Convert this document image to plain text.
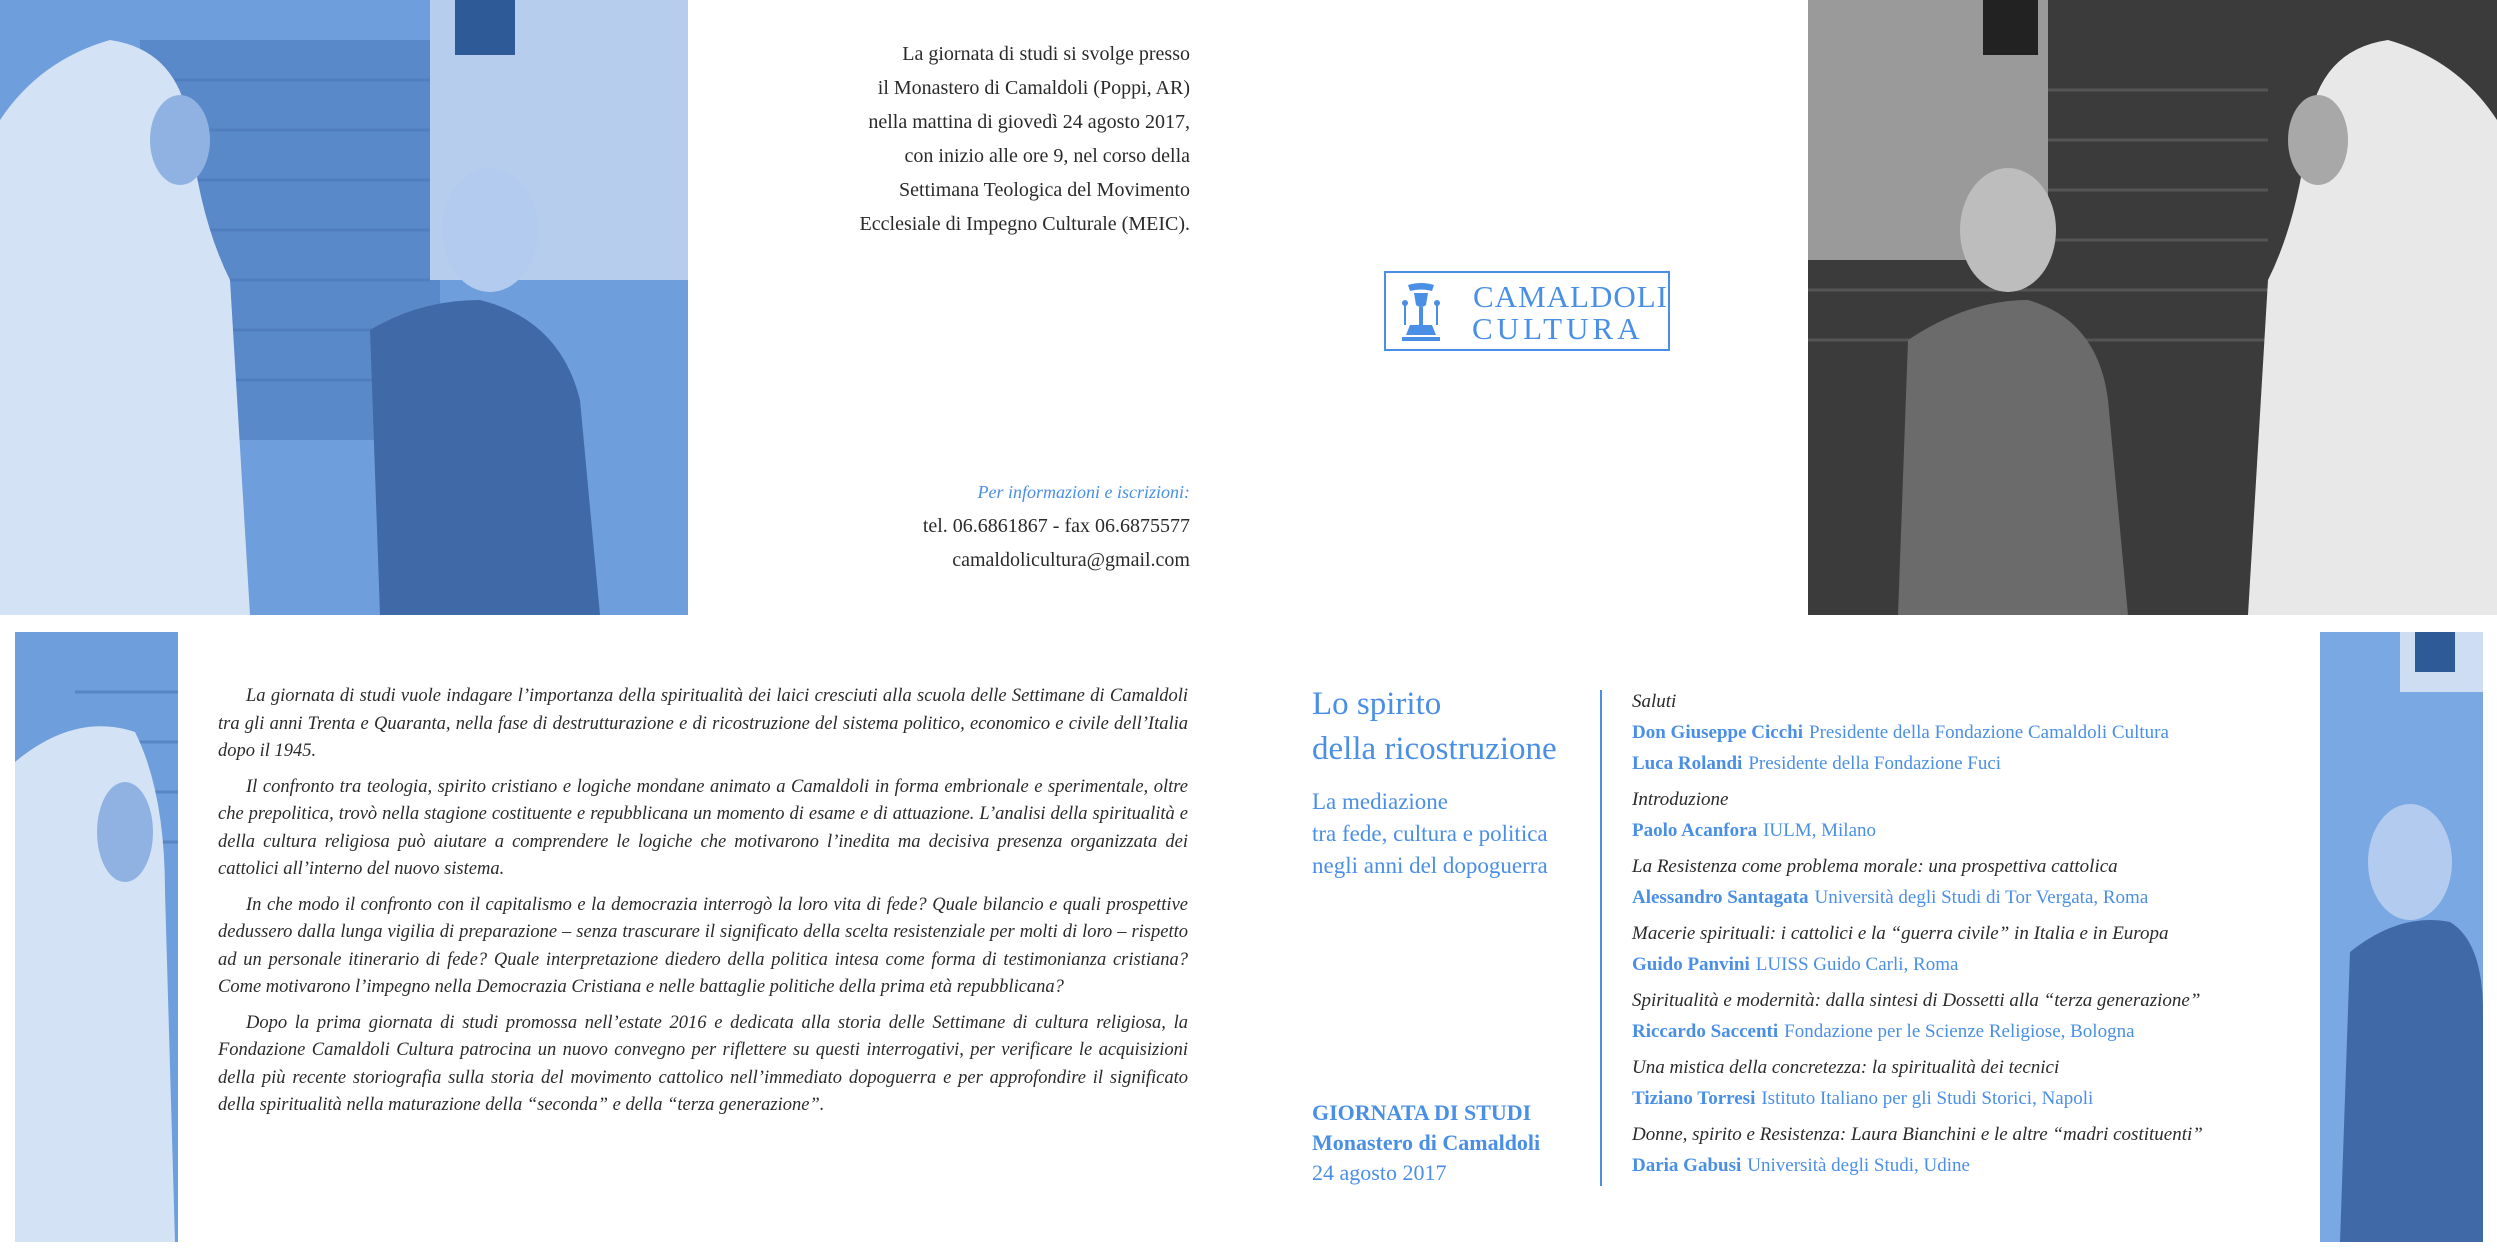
La giornata di studi si svolge presso
il Monastero di Camaldoli (Poppi, AR)
nella mattina di giovedì 24 agosto 2017,
con inizio alle ore 9, nel corso della
Settimana Teologica del Movimento
Ecclesiale di Impegno Culturale (MEIC).
Per informazioni e iscrizioni:
tel. 06.6861867 - fax 06.6875577
camaldolicultura@gmail.com
CAMALDOLI
CULTURA

La giornata di studi vuole indagare l’importanza della spiritualità dei laici cresciuti alla scuola delle Settimane di Camaldoli tra gli anni Trenta e Quaranta, nella fase di destrutturazione e di ricostruzione del sistema politico, economico e civile dell’Italia dopo il 1945.

Il confronto tra teologia, spirito cristiano e logiche mondane animato a Camaldoli in forma embrionale e sperimentale, oltre che prepolitica, trovò nella stagione costituente e repubblicana un momento di esame e di attuazione. L’analisi della spiritualità e della cultura religiosa può aiutare a comprendere le logiche che motivarono l’inedita ma decisiva presenza organizzata dei cattolici all’interno del nuovo sistema.

In che modo il confronto con il capitalismo e la democrazia interrogò la loro vita di fede? Quale bilancio e quali prospettive dedussero dalla lunga vigilia di preparazione – senza trascurare il significato della scelta resistenziale per molti di loro – rispetto ad un personale itinerario di fede? Quale interpretazione diedero della politica intesa come forma di testimonianza cristiana? Come motivarono l’impegno nella Democrazia Cristiana e nelle battaglie politiche della prima età repubblicana?

Dopo la prima giornata di studi promossa nell’estate 2016 e dedicata alla storia delle Settimane di cultura religiosa, la Fondazione Camaldoli Cultura patrocina un nuovo convegno per riflettere su questi interrogativi, per verificare le acquisizioni della più recente storiografia sulla storia del movimento cattolico nell’immediato dopoguerra e per approfondire il significato della spiritualità nella maturazione della “seconda” e della “terza generazione”.

Lo spirito
della ricostruzione
La mediazione
tra fede, cultura e politica
negli anni del dopoguerra
GIORNATA DI STUDI
Monastero di Camaldoli
24 agosto 2017
Saluti
Don Giuseppe Cicchi Presidente della Fondazione Camaldoli Cultura
Luca Rolandi Presidente della Fondazione Fuci
Introduzione
Paolo Acanfora IULM, Milano
La Resistenza come problema morale: una prospettiva cattolica
Alessandro Santagata Università degli Studi di Tor Vergata, Roma
Macerie spirituali: i cattolici e la “guerra civile” in Italia e in Europa
Guido Panvini LUISS Guido Carli, Roma
Spiritualità e modernità: dalla sintesi di Dossetti alla “terza generazione”
Riccardo Saccenti Fondazione per le Scienze Religiose, Bologna
Una mistica della concretezza: la spiritualità dei tecnici
Tiziano Torresi Istituto Italiano per gli Studi Storici, Napoli
Donne, spirito e Resistenza: Laura Bianchini e le altre “madri costituenti”
Daria Gabusi Università degli Studi, Udine
